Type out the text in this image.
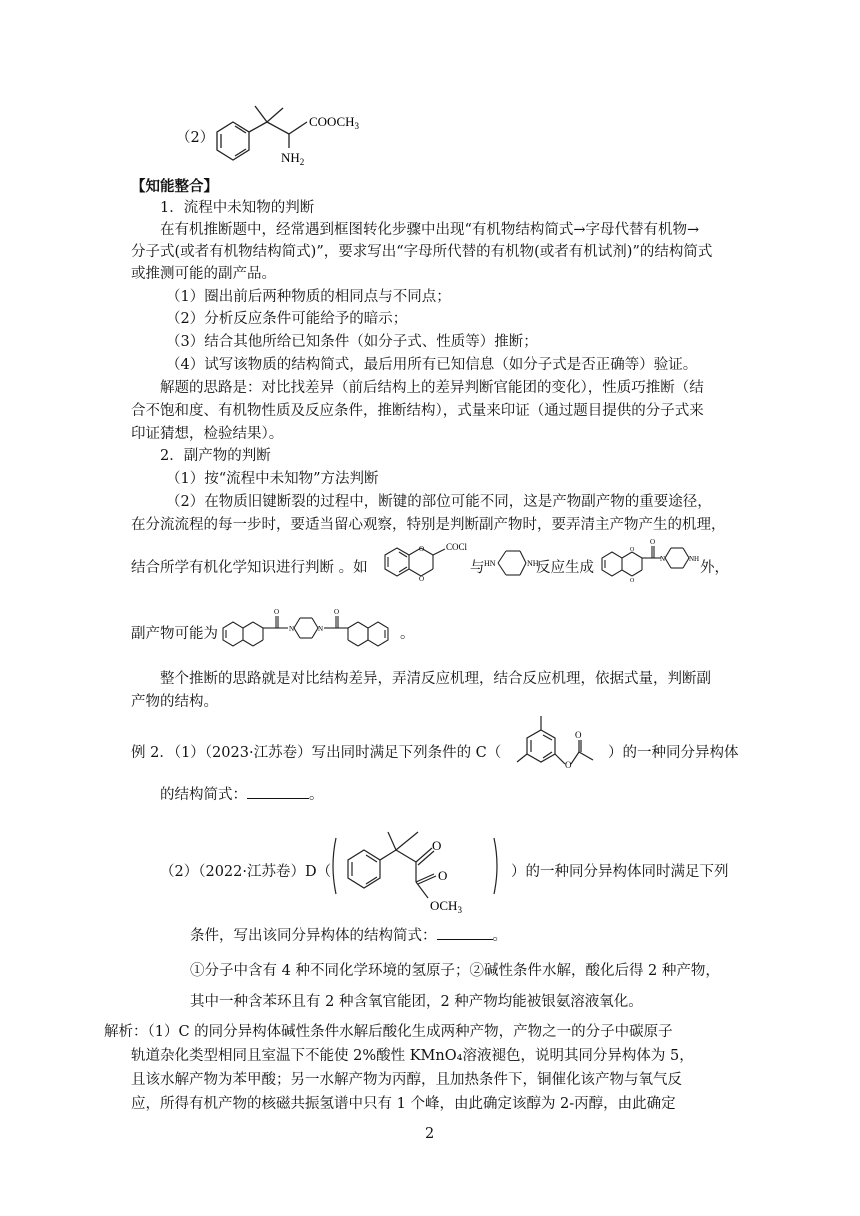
（2）
$COOCH_3$
$NH_2$
【知能整合】
1．流程中未知物的判断
在有机推断题中，经常遇到框图转化步骤中出现“有机物结构简式→字母代替有机物→
分子式(或者有机物结构简式)”，要求写出“字母所代替的有机物(或者有机试剂)”的结构简式
或推测可能的副产品。
（1）圈出前后两种物质的相同点与不同点；
（2）分析反应条件可能给予的暗示；
（3）结合其他所给已知条件（如分子式、性质等）推断；
（4）试写该物质的结构简式，最后用所有已知信息（如分子式是否正确等）验证。
解题的思路是：对比找差异（前后结构上的差异判断官能团的变化），性质巧推断（结
合不饱和度、有机物性质及反应条件，推断结构），式量来印证（通过题目提供的分子式来
印证猜想，检验结果）。
2．副产物的判断
（1）按“流程中未知物”方法判断
（2）在物质旧键断裂的过程中，断键的部位可能不同，这是产物副产物的重要途径，
在分流流程的每一步时，要适当留心观察，特别是判断副产物时，要弄清主产物产生的机理，
结合所学有机化学知识进行判断 。如
O
O
COCl
与 HN	NH
反应生成
O
O
O
N	NH
外，
副产物可能为
O	O
N	N	。
整个推断的思路就是对比结构差异，弄清反应机理，结合反应机理，依据式量，判断副
产物的结构。
例 2．（1）（2023·江苏卷）写出同时满足下列条件的 C（
O
O
）的一种同分异构体
的结构简式：	。
（2）（2022·江苏卷）D（
O
O
$OCH_3$
）的一种同分异构体同时满足下列
条件，写出该同分异构体的结构简式：	。
①分子中含有 4 种不同化学环境的氢原子；②碱性条件水解，酸化后得 2 种产物，
其中一种含苯环且有 2 种含氧官能团，2 种产物均能被银氨溶液氧化。
解析：（1）C 的同分异构体碱性条件水解后酸化生成两种产物，产物之一的分子中碳原子
轨道杂化类型相同且室温下不能使 2%酸性 KMnO₄溶液褪色，说明其同分异构体为 5，
且该水解产物为苯甲酸；另一水解产物为丙醇，且加热条件下，铜催化该产物与氧气反
应，所得有机产物的核磁共振氢谱中只有 1 个峰，由此确定该醇为 2-丙醇，由此确定
2
